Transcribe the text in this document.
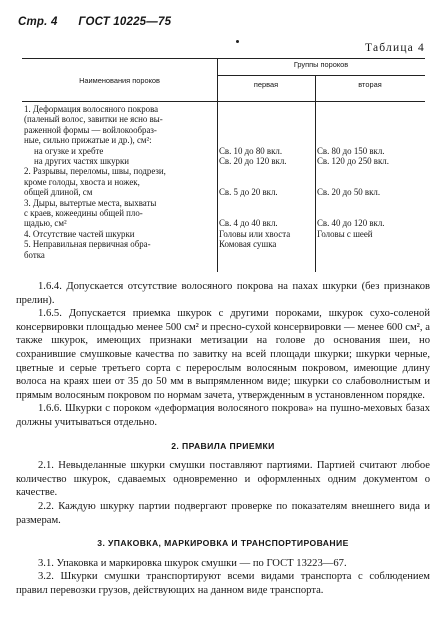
Стр. 4 ГОСТ 10225—75
Таблица 4
Наименования пороков
Группы пороков
первая	вторая
1. Деформация волосяного покрова
(паленый волос, завитки не ясно вы-
раженной формы — войлокообраз-
ные, сильно прижатые и др.), см²:
на огузке и хребте	Св. 10 до 80 вкл.	Св. 80 до 150 вкл.
на других частях шкурки	Св. 20 до 120 вкл.	Св. 120 до 250 вкл.
2. Разрывы, переломы, швы, подрези,
кроме голоды, хвоста и ножек,
общей длиной, см	Св. 5 до 20 вкл.	Св. 20 до 50 вкл.
3. Дыры, вытертые места, выхваты
с краев, кожеедины общей пло-
щадью, см²	Св. 4 до 40 вкл.	Св. 40 до 120 вкл.
4. Отсутствие частей шкурки	Головы или хвоста	Головы с шеей
5. Неправильная первичная обра-	Комовая сушка
ботка

1.6.4. Допускается отсутствие волосяного покрова на пахах шкурки (без признаков прелин).

1.6.5. Допускается приемка шкурок с другими пороками, шкурок сухо-соленой консервировки площадью менее 500 см² и пресно-сухой консервировки — менее 600 см², а также шкурок, имеющих признаки метизации на голове до основания шеи, но сохранившие смушковые качества по завитку на всей площади шкурки; шкурки черные, цветные и серые третьего сорта с перерослым волосяным покровом, имеющие длину волоса на краях шеи от 35 до 50 мм в выпрямленном виде; шкурки со слабоволнистым и прямым волосяным покровом по нормам зачета, утвержденным в установленном порядке.

1.6.6. Шкурки с пороком «деформация волосяного покрова» на пушно-меховых базах должны учитываться отдельно.

2. ПРАВИЛА ПРИЕМКИ

2.1. Невыделанные шкурки смушки поставляют партиями. Партией считают любое количество шкурок, сдаваемых одновременно и оформленных одним документом о качестве.

2.2. Каждую шкурку партии подвергают проверке по показателям внешнего вида и размерам.

3. УПАКОВКА, МАРКИРОВКА И ТРАНСПОРТИРОВАНИЕ

3.1. Упаковка и маркировка шкурок смушки — по ГОСТ 13223—67.

3.2. Шкурки смушки транспортируют всеми видами транспорта с соблюдением правил перевозки грузов, действующих на данном виде транспорта.
